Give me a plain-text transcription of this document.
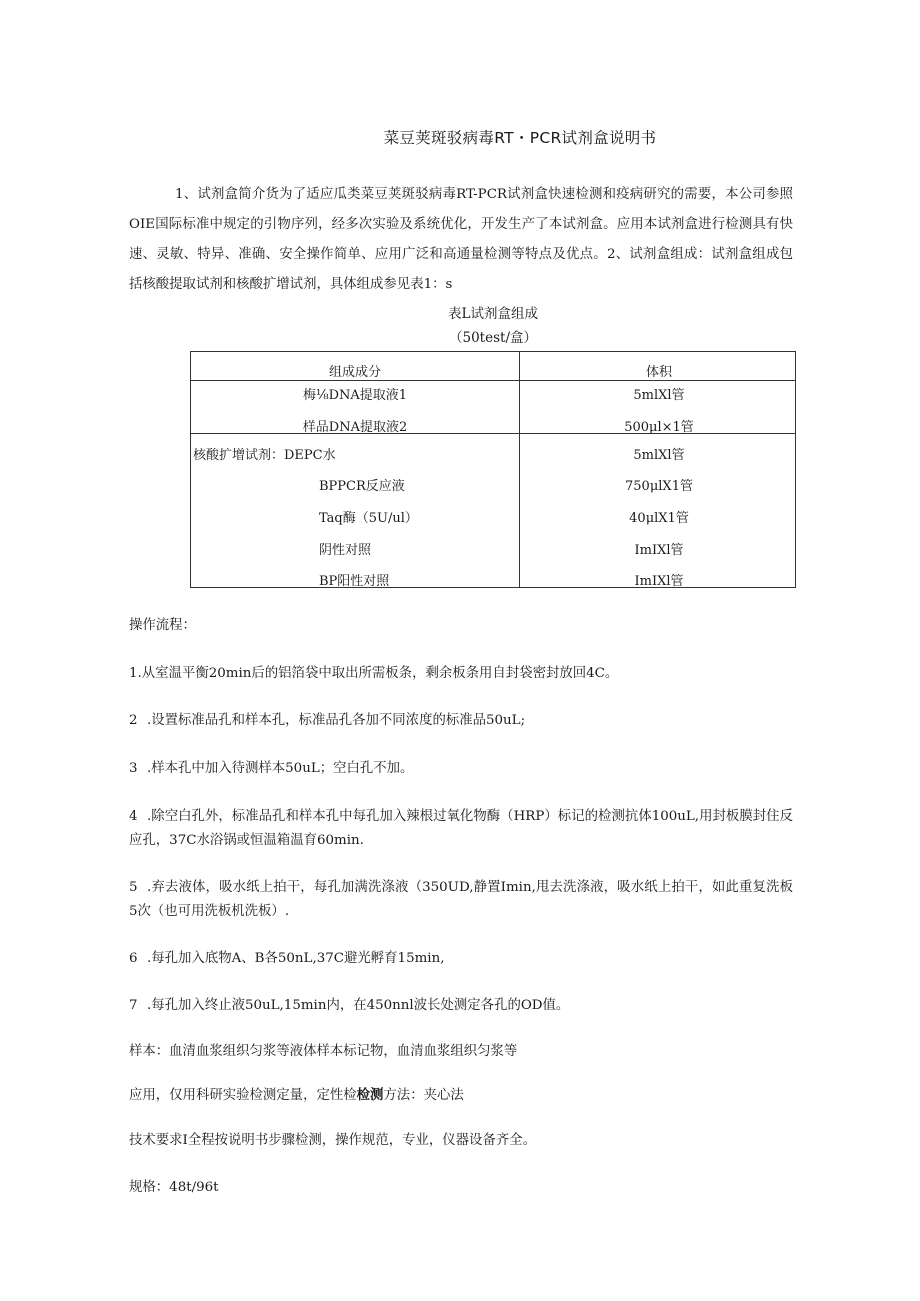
菜豆荚斑驳病毒RT・PCR试剂盒说明书
1、试剂盒简介货为了适应瓜类菜豆荚斑驳病毒RT-PCR试剂盒快速检测和疫病研究的需要，本公司参照OIE国际标准中规定的引物序列，经多次实验及系统优化，开发生产了本试剂盒。应用本试剂盒进行检测具有快速、灵敏、特异、准确、安全操作简单、应用广泛和高通量检测等特点及优点。2、试剂盒组成：试剂盒组成包括核酸提取试剂和核酸扩增试剂，具体组成参见表1：s
表L试剂盒组成
（50test/盒）
组成成分	体积
梅⅛DNA提取液1	5mlXl管
样品DNA提取液2	500μl×1管
核酸扩增试剂：DEPC水	5mlXl管
BPPCR反应液	750μlX1管
Taq酶（5U/ul）	40μlX1管
阴性对照	ImIXl管
BP阳性对照	ImIXl管
操作流程：
1.从室温平衡20min后的铝箔袋中取出所需板条，剩余板条用自封袋密封放回4C。
2 .设置标准品孔和样本孔，标准品孔各加不同浓度的标准品50uL;
3 .样本孔中加入待测样本50uL；空白孔不加。
4 .除空白孔外，标准品孔和样本孔中每孔加入辣根过氧化物酶（HRP）标记的检测抗体100uL,用封板膜封住反应孔，37C水浴锅或恒温箱温育60min.
5 .弃去液体，吸水纸上拍干，每孔加满洗涤液（350UD,静置Imin,甩去洗涤液，吸水纸上拍干，如此重复洗板5次（也可用洗板机洗板）.
6 .每孔加入底物A、B各50nL,37C避光孵育15min,
7 .每孔加入终止液50uL,15min内，在450nnl波长处测定各孔的OD值。
样本：血清血浆组织匀浆等液体样本标记物，血清血浆组织匀浆等
应用，仅用科研实验检测定量，定性检检测方法：夹心法
技术要求I全程按说明书步骤检测，操作规范，专业，仪器设备齐全。
规格：48t/96t
